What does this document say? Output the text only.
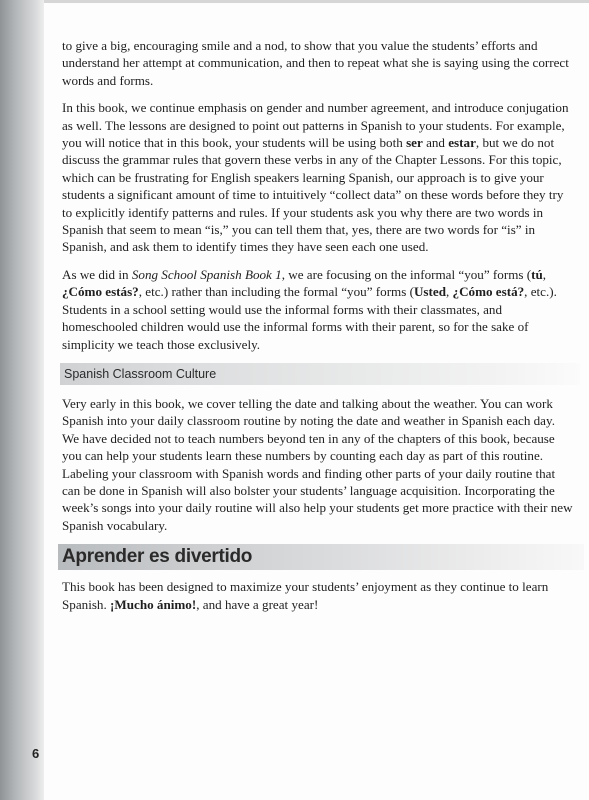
to give a big, encouraging smile and a nod, to show that you value the students’ efforts and understand her attempt at communication, and then to repeat what she is saying using the correct words and forms.

In this book, we continue emphasis on gender and number agreement, and introduce conjugation as well. The lessons are designed to point out patterns in Spanish to your students. For example, you will notice that in this book, your students will be using both ser and estar, but we do not discuss the grammar rules that govern these verbs in any of the Chapter Lessons. For this topic, which can be frustrating for English speakers learning Spanish, our approach is to give your students a significant amount of time to intuitively “collect data” on these words before they try to explicitly identify patterns and rules. If your students ask you why there are two words in Spanish that seem to mean “is,” you can tell them that, yes, there are two words for “is” in Spanish, and ask them to identify times they have seen each one used.

As we did in Song School Spanish Book 1, we are focusing on the informal “you” forms (tú, ¿Cómo estás?, etc.) rather than including the formal “you” forms (Usted, ¿Cómo está?, etc.). Students in a school setting would use the informal forms with their classmates, and homeschooled children would use the informal forms with their parent, so for the sake of simplicity we teach those exclusively.

Spanish Classroom Culture

Very early in this book, we cover telling the date and talking about the weather. You can work Spanish into your daily classroom routine by noting the date and weather in Spanish each day. We have decided not to teach numbers beyond ten in any of the chapters of this book, because you can help your students learn these numbers by counting each day as part of this routine. Labeling your classroom with Spanish words and finding other parts of your daily routine that can be done in Spanish will also bolster your students’ language acquisition. Incorporating the week’s songs into your daily routine will also help your students get more practice with their new Spanish vocabulary.

Aprender es divertido

This book has been designed to maximize your students’ enjoyment as they continue to learn Spanish. ¡Mucho ánimo!, and have a great year!

6
